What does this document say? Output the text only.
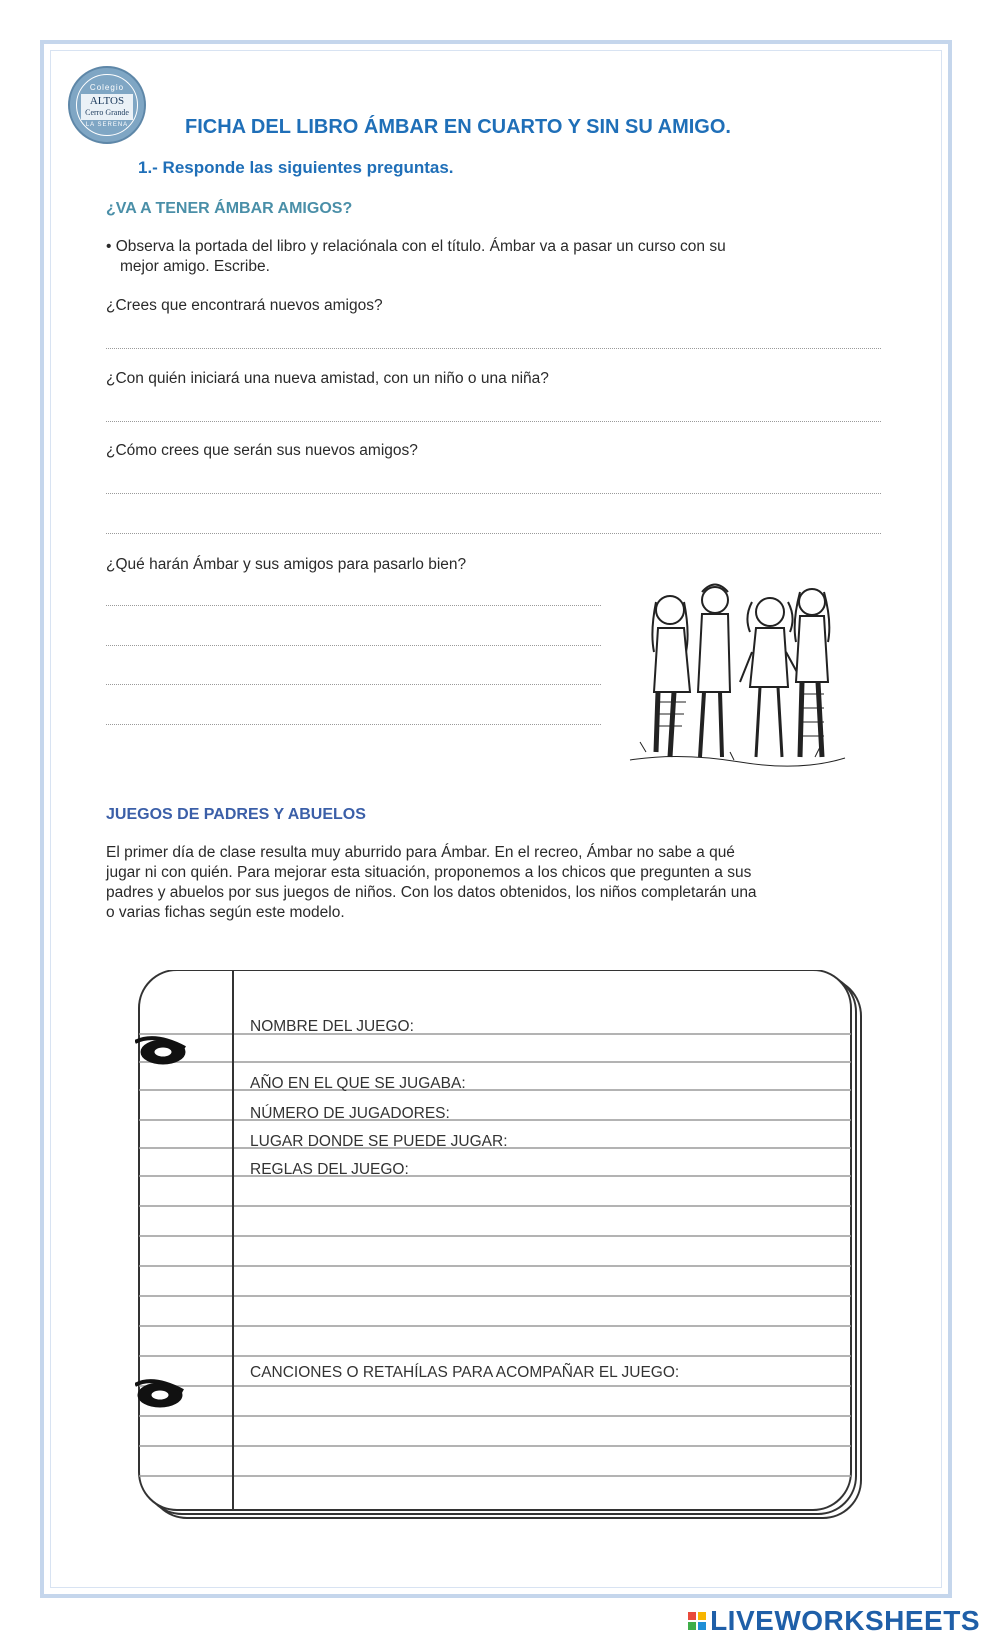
Colegio
ALTOS
Cerro Grande
LA SERENA	FICHA DEL LIBRO ÁMBAR EN CUARTO Y SIN SU AMIGO.
1.- Responde las siguientes preguntas.
¿VA A TENER ÁMBAR AMIGOS?
• Observa la portada del libro y relaciónala con el título. Ámbar va a pasar un curso con su
mejor amigo. Escribe.
¿Crees que encontrará nuevos amigos?
¿Con quién iniciará una nueva amistad, con un niño o una niña?
¿Cómo crees que serán sus nuevos amigos?
¿Qué harán Ámbar y sus amigos para pasarlo bien?
JUEGOS DE PADRES Y ABUELOS
El primer día de clase resulta muy aburrido para Ámbar. En el recreo, Ámbar no sabe a qué
jugar ni con quién. Para mejorar esta situación, proponemos a los chicos que pregunten a sus
padres y abuelos por sus juegos de niños. Con los datos obtenidos, los niños completarán una
o varias fichas según este modelo.
NOMBRE DEL JUEGO:
AÑO EN EL QUE SE JUGABA:
NÚMERO DE JUGADORES:
LUGAR DONDE SE PUEDE JUGAR:
REGLAS DEL JUEGO:
CANCIONES O RETAHÍLAS PARA ACOMPAÑAR EL JUEGO:
LIVEWORKSHEETS
